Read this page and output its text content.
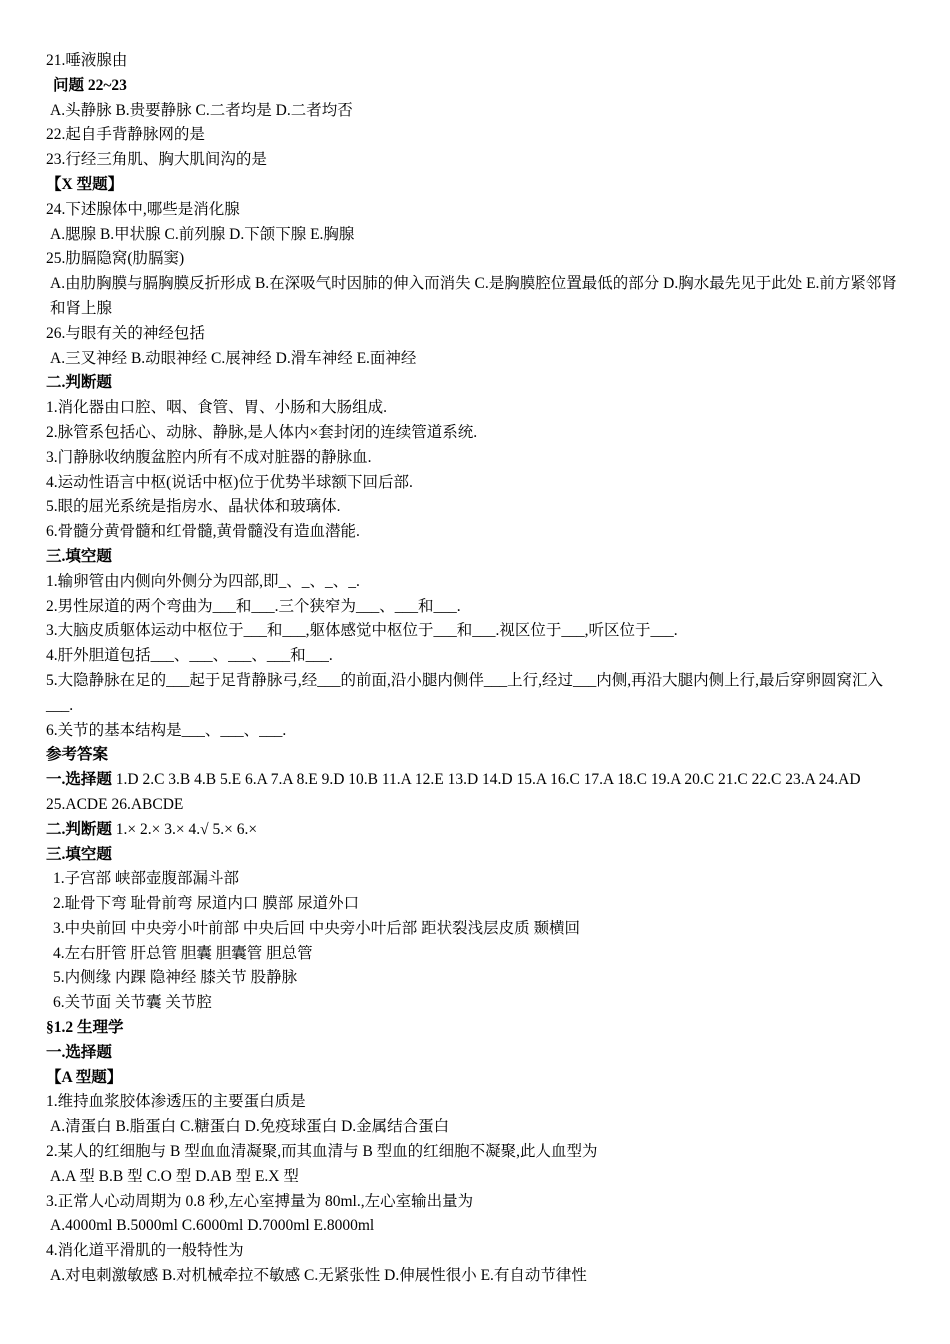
21.唾液腺由
问题 22~23
A.头静脉 B.贵要静脉 C.二者均是 D.二者均否
22.起自手背静脉网的是
23.行经三角肌、胸大肌间沟的是
【X 型题】
24.下述腺体中,哪些是消化腺
A.腮腺 B.甲状腺 C.前列腺 D.下颌下腺 E.胸腺
25.肋膈隐窝(肋膈窦)
A.由肋胸膜与膈胸膜反折形成 B.在深吸气时因肺的伸入而消失 C.是胸膜腔位置最低的部分 D.胸水最先见于此处 E.前方紧邻肾和肾上腺
26.与眼有关的神经包括
A.三叉神经 B.动眼神经 C.展神经 D.滑车神经 E.面神经
二.判断题
1.消化器由口腔、咽、食管、胃、小肠和大肠组成.
2.脉管系包括心、动脉、静脉,是人体内×套封闭的连续管道系统.
3.门静脉收纳腹盆腔内所有不成对脏器的静脉血.
4.运动性语言中枢(说话中枢)位于优势半球额下回后部.
5.眼的屈光系统是指房水、晶状体和玻璃体.
6.骨髓分黄骨髓和红骨髓,黄骨髓没有造血潜能.
三.填空题
1.输卵管由内侧向外侧分为四部,即_、_、_、_.
2.男性尿道的两个弯曲为___和___.三个狭窄为___、___和___.
3.大脑皮质躯体运动中枢位于___和___,躯体感觉中枢位于___和___.视区位于___,听区位于___.
4.肝外胆道包括___、___、___、___和___.
5.大隐静脉在足的___起于足背静脉弓,经___的前面,沿小腿内侧伴___上行,经过___内侧,再沿大腿内侧上行,最后穿卵圆窝汇入___.
6.关节的基本结构是___、___、___.
参考答案
一.选择题 1.D 2.C 3.B 4.B 5.E 6.A 7.A 8.E 9.D 10.B 11.A 12.E 13.D 14.D 15.A 16.C 17.A 18.C 19.A 20.C 21.C 22.C 23.A 24.AD 25.ACDE 26.ABCDE
二.判断题 1.× 2.× 3.× 4.√ 5.× 6.×
三.填空题
1.子宫部 峡部壶腹部漏斗部
2.耻骨下弯 耻骨前弯 尿道内口 膜部 尿道外口
3.中央前回 中央旁小叶前部 中央后回 中央旁小叶后部 距状裂浅层皮质 颞横回
4.左右肝管 肝总管 胆囊 胆囊管 胆总管
5.内侧缘 内踝 隐神经 膝关节 股静脉
6.关节面 关节囊 关节腔
§1.2 生理学
一.选择题
【A 型题】
1.维持血浆胶体渗透压的主要蛋白质是
A.清蛋白 B.脂蛋白 C.糖蛋白 D.免疫球蛋白 D.金属结合蛋白
2.某人的红细胞与 B 型血血清凝聚,而其血清与 B 型血的红细胞不凝聚,此人血型为
A.A 型 B.B 型 C.O 型 D.AB 型 E.X 型
3.正常人心动周期为 0.8 秒,左心室搏量为 80ml.,左心室输出量为
A.4000ml B.5000ml C.6000ml D.7000ml E.8000ml
4.消化道平滑肌的一般特性为
A.对电刺激敏感 B.对机械牵拉不敏感 C.无紧张性 D.伸展性很小 E.有自动节律性
